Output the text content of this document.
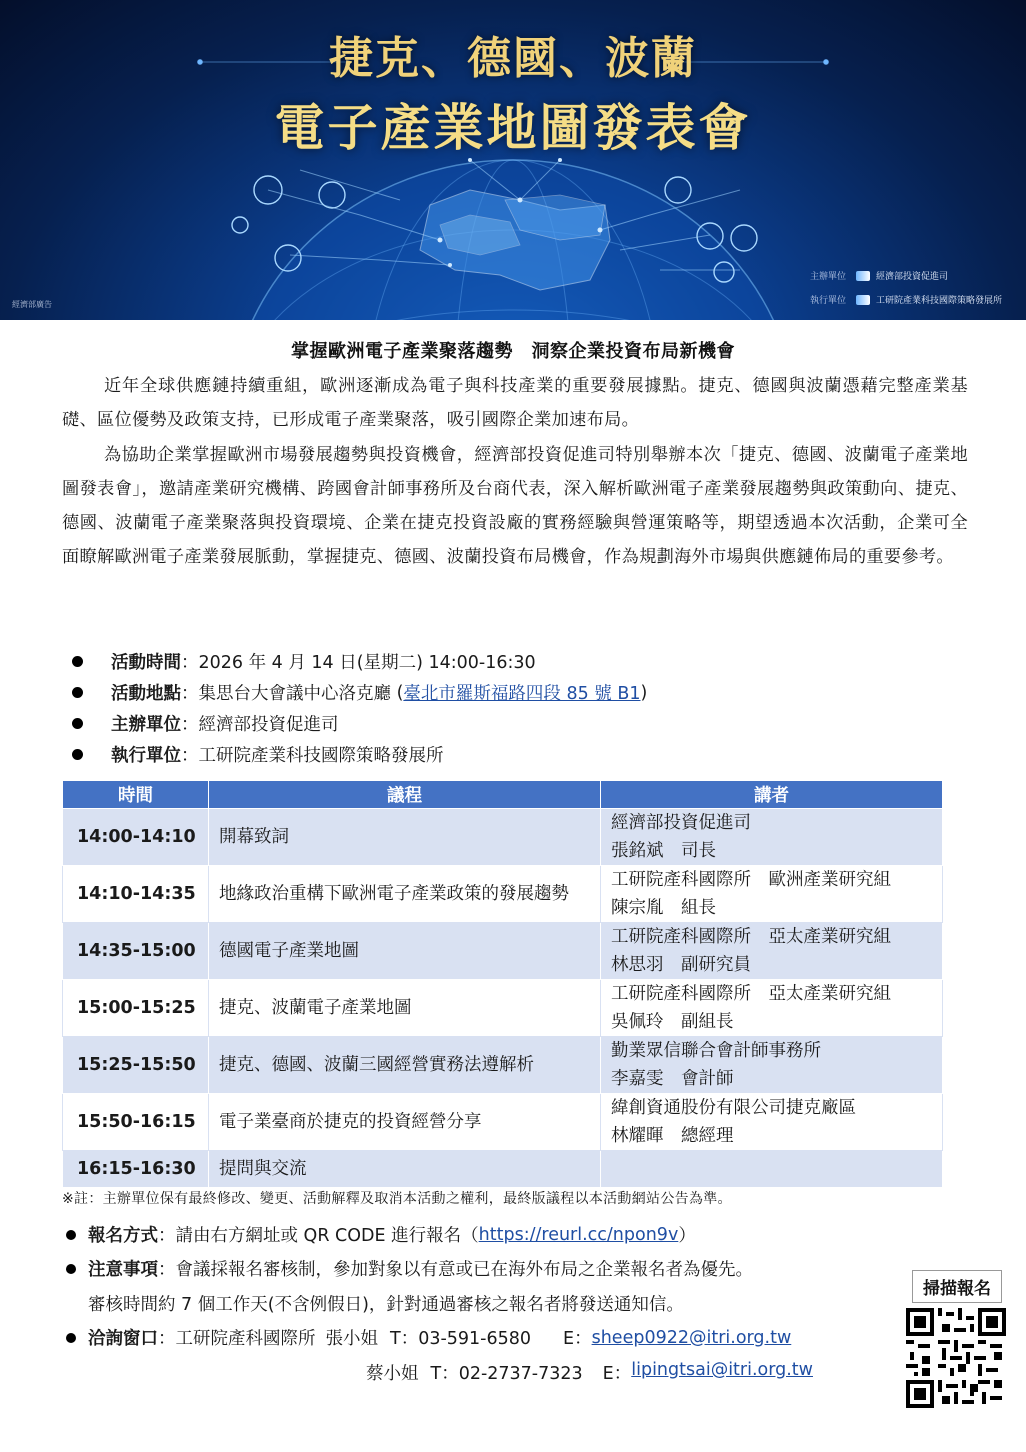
捷克、德國、波蘭
電子產業地圖發表會
主辦單位	經濟部投資促進司
執行單位	工研院產業科技國際策略發展所
經濟部廣告
掌握歐洲電子產業聚落趨勢　洞察企業投資布局新機會

近年全球供應鏈持續重組，歐洲逐漸成為電子與科技產業的重要發展據點。捷克、德國與波蘭憑藉完整產業基礎、區位優勢及政策支持，已形成電子產業聚落，吸引國際企業加速布局。

為協助企業掌握歐洲市場發展趨勢與投資機會，經濟部投資促進司特別舉辦本次「捷克、德國、波蘭電子產業地圖發表會」，邀請產業研究機構、跨國會計師事務所及台商代表，深入解析歐洲電子產業發展趨勢與政策動向、捷克、德國、波蘭電子產業聚落與投資環境、企業在捷克投資設廠的實務經驗與營運策略等，期望透過本次活動，企業可全面瞭解歐洲電子產業發展脈動，掌握捷克、德國、波蘭投資布局機會，作為規劃海外市場與供應鏈佈局的重要參考。

活動時間 ：2026 年 4 月 14 日(星期二) 14:00-16:30
活動地點 ：集思台大會議中心洛克廳 ( 臺北市羅斯福路四段 85 號 B1 )
主辦單位 ：經濟部投資促進司
執行單位 ：工研院產業科技國際策略發展所
時間	議程	講者
14:00-14:10	開幕致詞	經濟部投資促進司
張銘斌　司長

14:10-14:35	地緣政治重構下歐洲電子產業政策的發展趨勢	工研院產科國際所　歐洲產業研究組
陳宗胤　組長

14:35-15:00	德國電子產業地圖	工研院產科國際所　亞太產業研究組
林思羽　副研究員

15:00-15:25	捷克、波蘭電子產業地圖	工研院產科國際所　亞太產業研究組
吳佩玲　副組長

15:25-15:50	捷克、德國、波蘭三國經營實務法遵解析	勤業眾信聯合會計師事務所
李嘉雯　會計師

15:50-16:15	電子業臺商於捷克的投資經營分享	緯創資通股份有限公司捷克廠區
林耀暉　總經理

16:15-16:30	提問與交流	
※註：主辦單位保有最終修改、變更、活動解釋及取消本活動之權利，最終版議程以本活動網站公告為準。
報名方式 ：請由右方網址或 QR CODE 進行報名（ https://reurl.cc/npon9v ）
注意事項 ：會議採報名審核制，參加對象以有意或已在海外布局之企業報名者為優先。
審核時間約 7 個工作天(不含例假日)，針對通過審核之報名者將發送通知信。
洽詢窗口 ：工研院產科國際所 張小姐 T：03-591-6580 E： sheep0922@itri.org.tw
蔡小姐 T：02-2737-7323 E： lipingtsai@itri.org.tw
掃描報名
